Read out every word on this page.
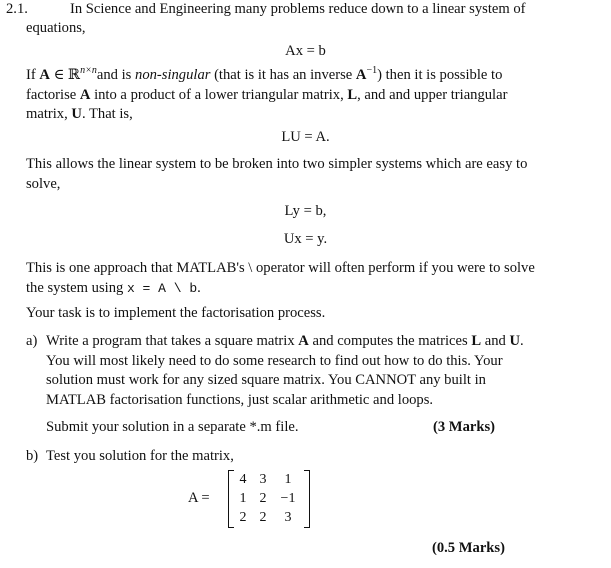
2.1.	In Science and Engineering many problems reduce down to a linear system of
equations,
Ax = b
If A ∈ ℝ$^{n\times n}$and is non-singular (that is it has an inverse $A^{-1}$) then it is possible to
factorise A into a product of a lower triangular matrix, L, and and upper triangular
matrix, U. That is,
LU = A.
This allows the linear system to be broken into two simpler systems which are easy to
solve,
Ly = b,
Ux = y.
This is one approach that MATLAB's \ operator will often perform if you were to solve
the system using x = A \ b.
Your task is to implement the factorisation process.
a) Write a program that takes a square matrix A and computes the matrices L and U.
You will most likely need to do some research to find out how to do this. Your
solution must work for any sized square matrix. You CANNOT any built in
MATLAB factorisation functions, just scalar arithmetic and loops.
Submit your solution in a separate *.m file.	(3 Marks)
b) Test you solution for the matrix,
A =
4 3	1
1 2	−1
2 2	3
(0.5 Marks)
